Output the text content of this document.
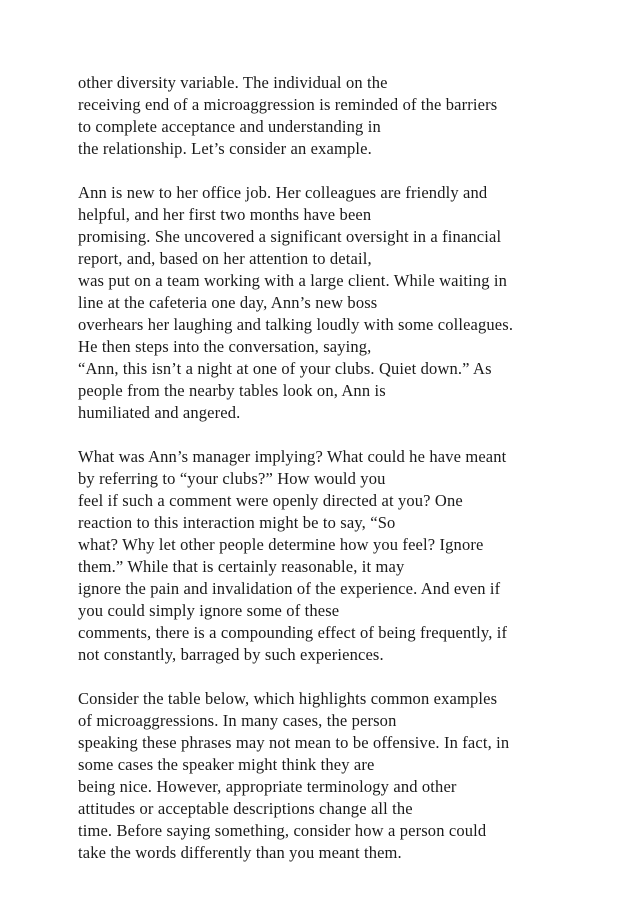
other diversity variable. The individual on the
receiving end of a microaggression is reminded of the barriers
to complete acceptance and understanding in
the relationship. Let’s consider an example.
Ann is new to her office job. Her colleagues are friendly and
helpful, and her first two months have been
promising. She uncovered a significant oversight in a financial
report, and, based on her attention to detail,
was put on a team working with a large client. While waiting in
line at the cafeteria one day, Ann’s new boss
overhears her laughing and talking loudly with some colleagues.
He then steps into the conversation, saying,
“Ann, this isn’t a night at one of your clubs. Quiet down.” As
people from the nearby tables look on, Ann is
humiliated and angered.
What was Ann’s manager implying? What could he have meant
by referring to “your clubs?” How would you
feel if such a comment were openly directed at you? One
reaction to this interaction might be to say, “So
what? Why let other people determine how you feel? Ignore
them.” While that is certainly reasonable, it may
ignore the pain and invalidation of the experience. And even if
you could simply ignore some of these
comments, there is a compounding effect of being frequently, if
not constantly, barraged by such experiences.
Consider the table below, which highlights common examples
of microaggressions. In many cases, the person
speaking these phrases may not mean to be offensive. In fact, in
some cases the speaker might think they are
being nice. However, appropriate terminology and other
attitudes or acceptable descriptions change all the
time. Before saying something, consider how a person could
take the words differently than you meant them.
